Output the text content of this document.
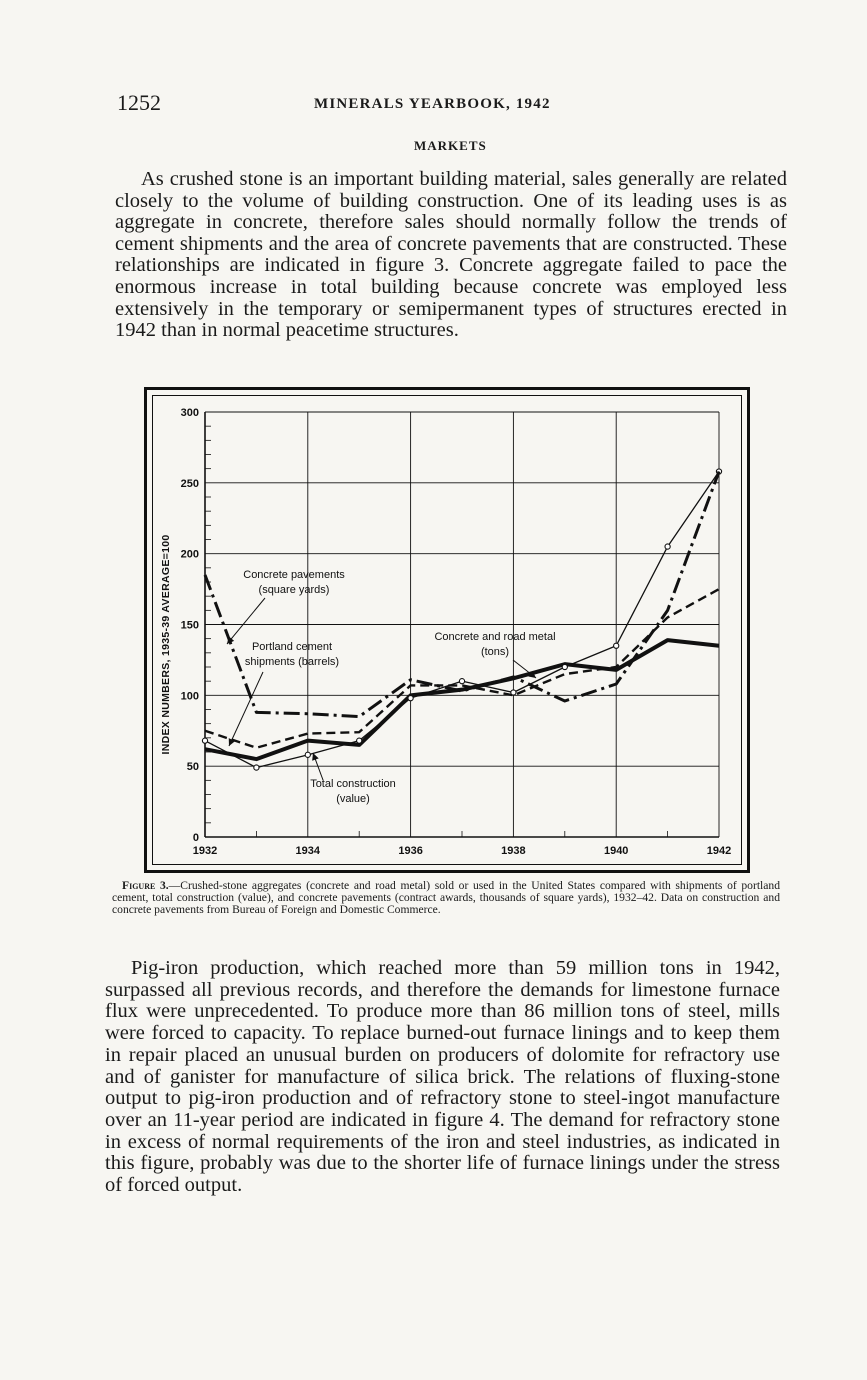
1252	MINERALS YEARBOOK, 1942
MARKETS

As crushed stone is an important building material, sales generally are related closely to the volume of building construction. One of its leading uses is as aggregate in concrete, therefore sales should normally follow the trends of cement shipments and the area of concrete pavements that are constructed. These relationships are indicated in figure 3. Concrete aggregate failed to pace the enormous increase in total building because concrete was employed less extensively in the temporary or semipermanent types of structures erected in 1942 than in normal peacetime structures.

0
50
100
150
200
250
300
1932	1934	1936	1938	1940	1942
Concrete pavements
(square yards)
Portland cement
shipments (barrels)
Concrete and road metal
(tons)
Total construction
(value)
INDEX NUMBERS, 1935-39 AVERAGE=100

Figure 3.—Crushed-stone aggregates (concrete and road metal) sold or used in the United States compared with shipments of portland cement, total construction (value), and concrete pavements (contract awards, thousands of square yards), 1932–42. Data on construction and concrete pavements from Bureau of Foreign and Domestic Commerce.

Pig-iron production, which reached more than 59 million tons in 1942, surpassed all previous records, and therefore the demands for limestone furnace flux were unprecedented. To produce more than 86 million tons of steel, mills were forced to capacity. To replace burned-out furnace linings and to keep them in repair placed an unusual burden on producers of dolomite for refractory use and of ganister for manufacture of silica brick. The relations of fluxing-stone output to pig-iron production and of refractory stone to steel-ingot manufacture over an 11-year period are indicated in figure 4. The demand for refractory stone in excess of normal requirements of the iron and steel industries, as indicated in this figure, probably was due to the shorter life of furnace linings under the stress of forced output.
